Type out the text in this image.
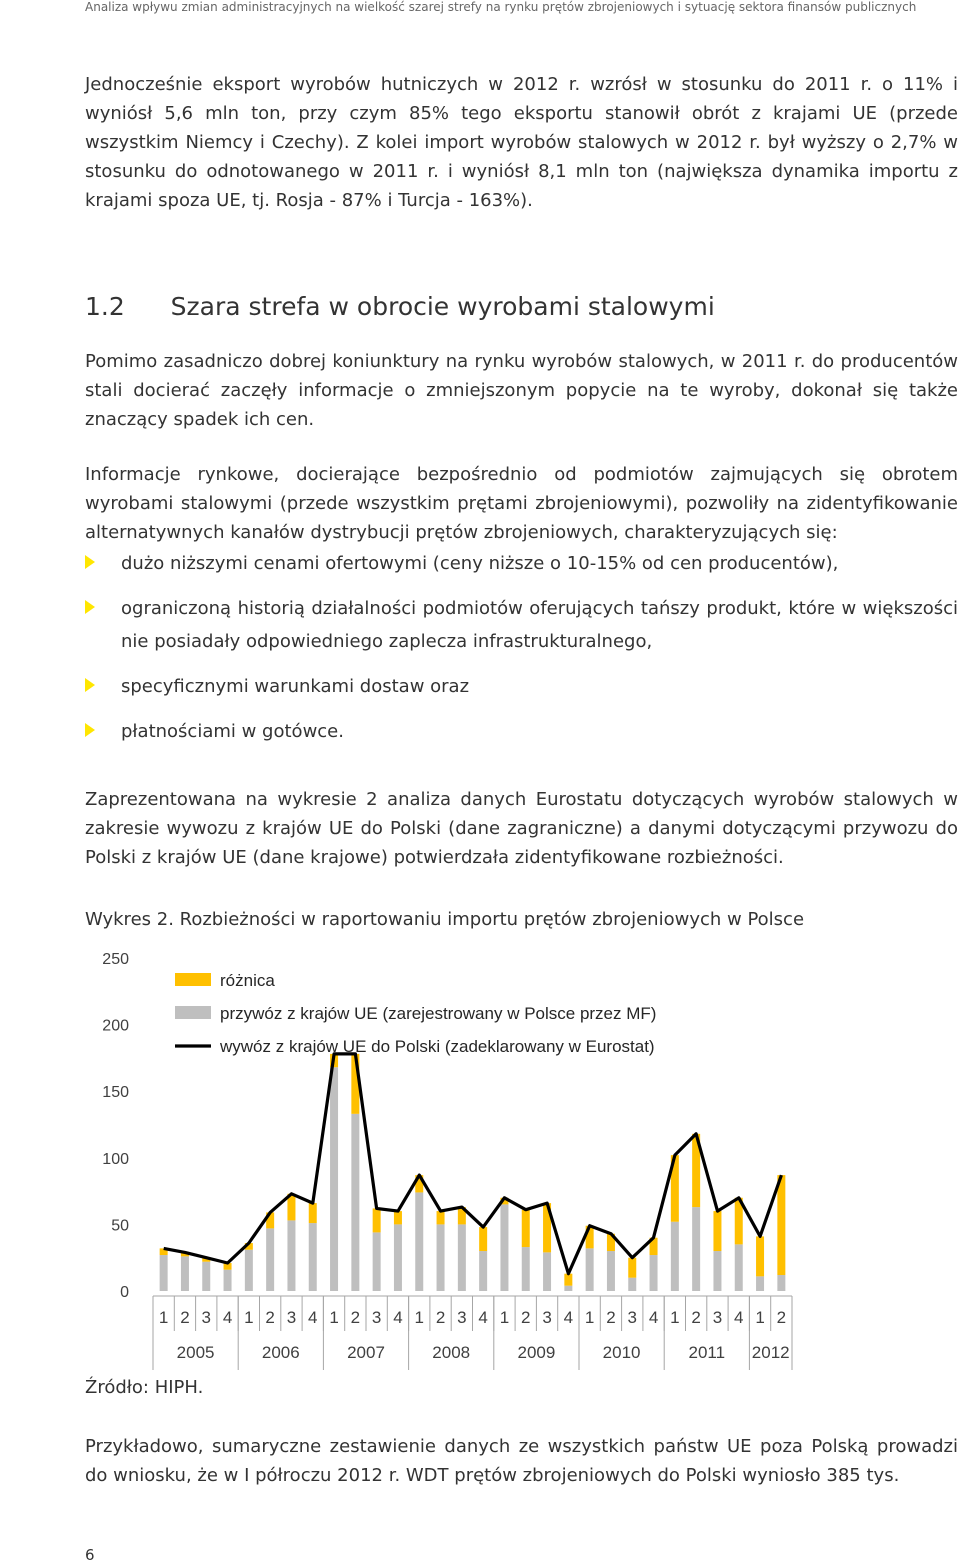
Analiza wpływu zmian administracyjnych na wielkość szarej strefy na rynku prętów zbrojeniowych i sytuację sektora finansów publicznych

Jednocześnie eksport wyrobów hutniczych w 2012 r. wzrósł w stosunku do 2011 r. o 11% i wyniósł 5,6 mln ton, przy czym 85% tego eksportu stanowił obrót z krajami UE (przede wszystkim Niemcy i Czechy). Z kolei import wyrobów stalowych w 2012 r. był wyższy o 2,7% w stosunku do odnotowanego w 2011 r. i wyniósł 8,1 mln ton (największa dynamika importu z krajami spoza UE, tj. Rosja - 87% i Turcja - 163%).

1.2 Szara strefa w obrocie wyrobami stalowymi

Pomimo zasadniczo dobrej koniunktury na rynku wyrobów stalowych, w 2011 r. do producentów stali docierać zaczęły informacje o zmniejszonym popycie na te wyroby, dokonał się także znaczący spadek ich cen.

Informacje rynkowe, docierające bezpośrednio od podmiotów zajmujących się obrotem wyrobami stalowymi (przede wszystkim prętami zbrojeniowymi), pozwoliły na zidentyfikowanie alternatywnych kanałów dystrybucji prętów zbrojeniowych, charakteryzujących się:

dużo niższymi cenami ofertowymi (ceny niższe o 10-15% od cen producentów),
ograniczoną historią działalności podmiotów oferujących tańszy produkt, które w większości nie posiadały odpowiedniego zaplecza infrastrukturalnego,
specyficznymi warunkami dostaw oraz
płatnościami w gotówce.

Zaprezentowana na wykresie 2 analiza danych Eurostatu dotyczących wyrobów stalowych w zakresie wywozu z krajów UE do Polski (dane zagraniczne) a danymi dotyczącymi przywozu do Polski z krajów UE (dane krajowe) potwierdzała zidentyfikowane rozbieżności.

Wykres 2. Rozbieżności w raportowaniu importu prętów zbrojeniowych w Polsce
250
200
150
100
50
0
1 2 3 4 1 2 3 4 1 2 3 4 1 2 3 4 1 2 3 4 1 2 3 4 1 2 3 4 1 2
2005	2006	2007	2008	2009	2010	2011 2012
różnica
przywóz z krajów UE (zarejestrowany w Polsce przez MF)
wywóz z krajów UE do Polski (zadeklarowany w Eurostat)
Źródło: HIPH.

Przykładowo, sumaryczne zestawienie danych ze wszystkich państw UE poza Polską prowadzi do wniosku, że w I półroczu 2012 r. WDT prętów zbrojeniowych do Polski wyniosło 385 tys.

6
